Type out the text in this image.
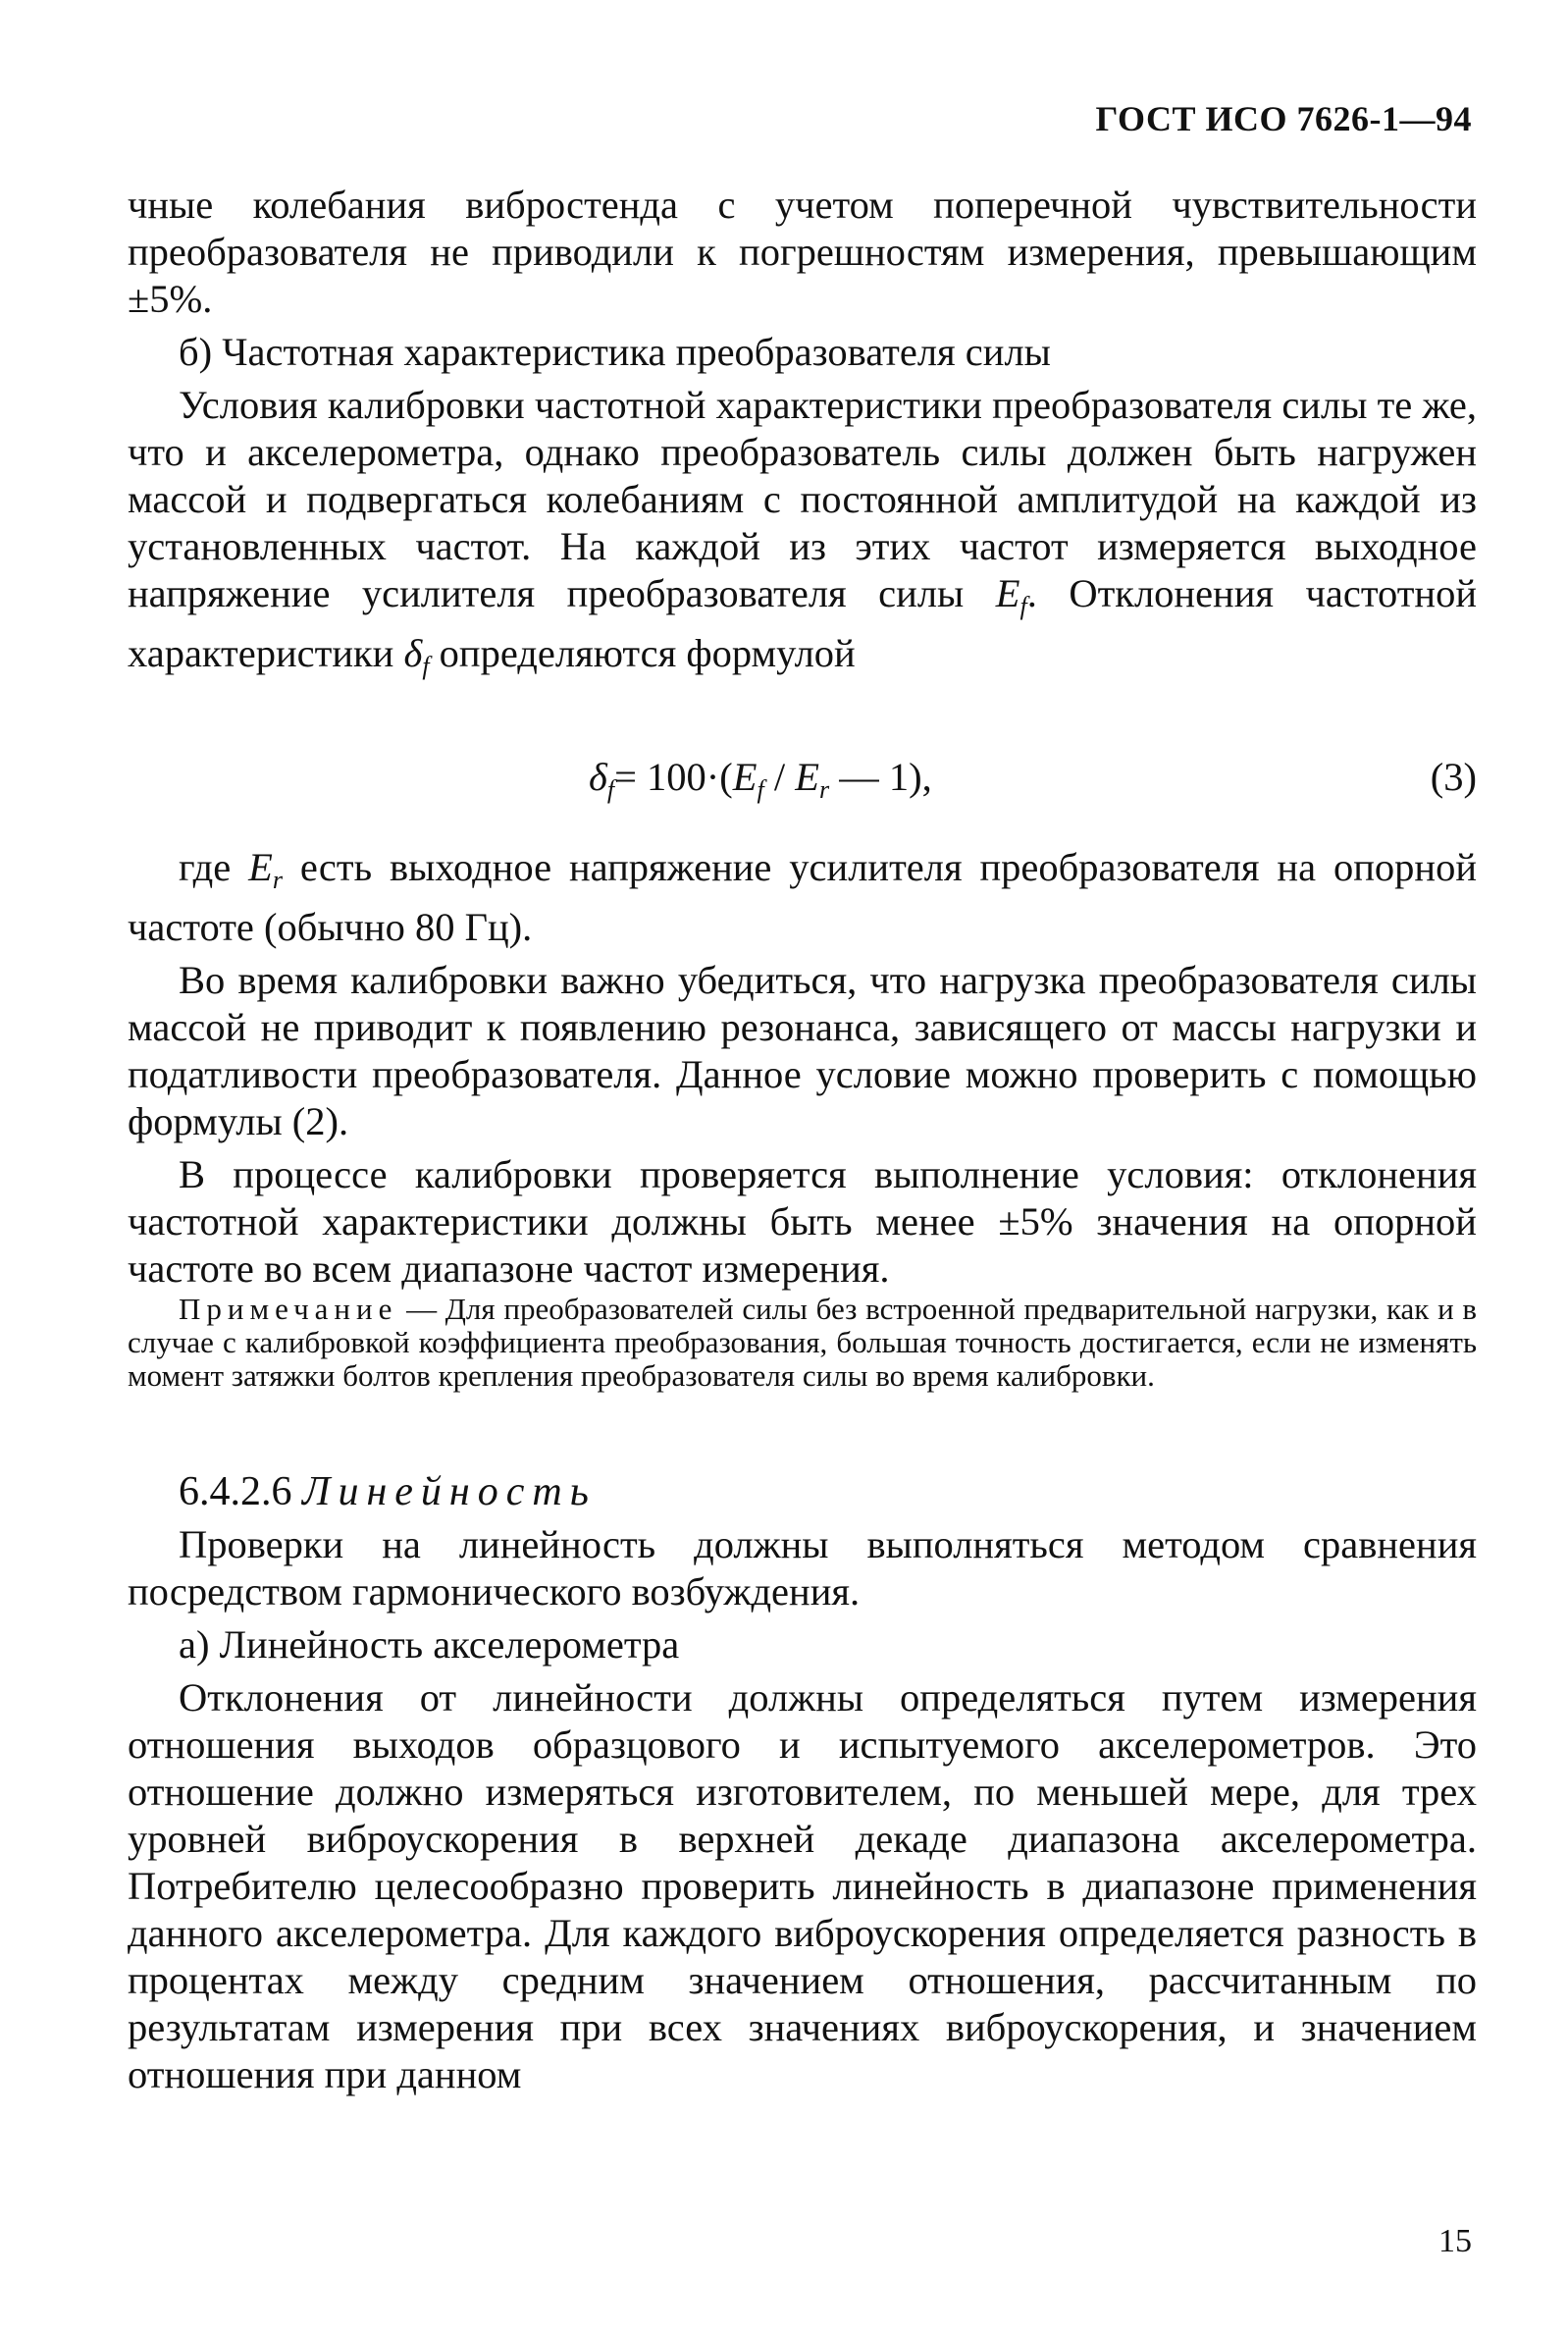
ГОСТ ИСО 7626-1—94

чные колебания вибростенда с учетом поперечной чувствительности преобразователя не приводили к погрешностям измерения, превышающим ±5%.

б) Частотная характеристика преобразователя силы

Условия калибровки частотной характеристики преобразователя силы те же, что и акселерометра, однако преобразователь силы должен быть нагружен массой и подвергаться колебаниям с постоянной амплитудой на каждой из установленных частот. На каждой из этих частот измеряется выходное напряжение усилителя преобразователя силы $E_f$. Отклонения частотной характеристики $\delta_f$ определяются формулой

$\delta_f= 100\cdot(E_f / E_r$ — 1),	(3)

где $E_r$ есть выходное напряжение усилителя преобразователя на опорной частоте (обычно 80 Гц).

Во время калибровки важно убедиться, что нагрузка преобразователя силы массой не приводит к появлению резонанса, зависящего от массы нагрузки и податливости преобразователя. Данное условие можно проверить с помощью формулы (2).

В процессе калибровки проверяется выполнение условия: отклонения частотной характеристики должны быть менее ±5% значения на опорной частоте во всем диапазоне частот измерения.

Примечание — Для преобразователей силы без встроенной предварительной нагрузки, как и в случае с калибровкой коэффициента преобразования, большая точность достигается, если не изменять момент затяжки болтов крепления преобразователя силы во время калибровки.

6.4.2.6 Линейность

Проверки на линейность должны выполняться методом сравнения посредством гармонического возбуждения.

а) Линейность акселерометра

Отклонения от линейности должны определяться путем измерения отношения выходов образцового и испытуемого акселерометров. Это отношение должно измеряться изготовителем, по меньшей мере, для трех уровней виброускорения в верхней декаде диапазона акселерометра. Потребителю целесообразно проверить линейность в диапазоне применения данного акселерометра. Для каждого виброускорения определяется разность в процентах между средним значением отношения, рассчитанным по результатам измерения при всех значениях виброускорения, и значением отношения при данном

15
